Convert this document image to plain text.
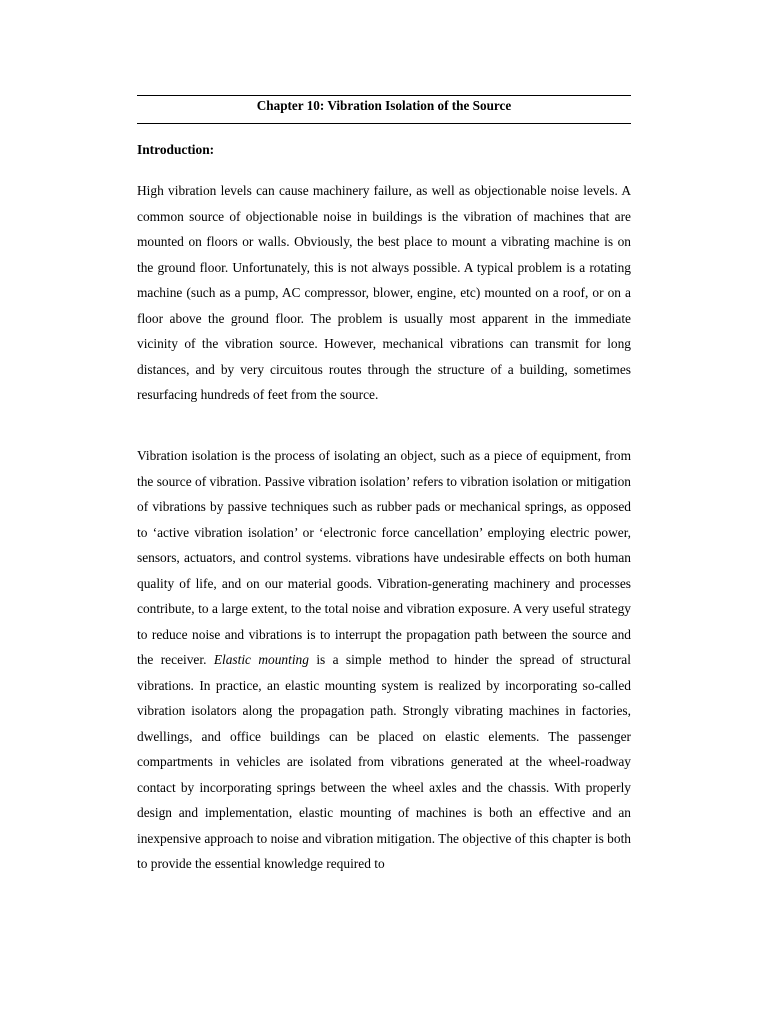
Chapter 10: Vibration Isolation of the Source
Introduction:

High vibration levels can cause machinery failure, as well as objectionable noise levels. A common source of objectionable noise in buildings is the vibration of machines that are mounted on floors or walls. Obviously, the best place to mount a vibrating machine is on the ground floor. Unfortunately, this is not always possible. A typical problem is a rotating machine (such as a pump, AC compressor, blower, engine, etc) mounted on a roof, or on a floor above the ground floor. The problem is usually most apparent in the immediate vicinity of the vibration source. However, mechanical vibrations can transmit for long distances, and by very circuitous routes through the structure of a building, sometimes resurfacing hundreds of feet from the source.

Vibration isolation is the process of isolating an object, such as a piece of equipment, from the source of vibration. Passive vibration isolation’ refers to vibration isolation or mitigation of vibrations by passive techniques such as rubber pads or mechanical springs, as opposed to ‘active vibration isolation’ or ‘electronic force cancellation’ employing electric power, sensors, actuators, and control systems. vibrations have undesirable effects on both human quality of life, and on our material goods. Vibration-generating machinery and processes contribute, to a large extent, to the total noise and vibration exposure. A very useful strategy to reduce noise and vibrations is to interrupt the propagation path between the source and the receiver. Elastic mounting is a simple method to hinder the spread of structural vibrations. In practice, an elastic mounting system is realized by incorporating so-called vibration isolators along the propagation path. Strongly vibrating machines in factories, dwellings, and office buildings can be placed on elastic elements. The passenger compartments in vehicles are isolated from vibrations generated at the wheel-roadway contact by incorporating springs between the wheel axles and the chassis. With properly design and implementation, elastic mounting of machines is both an effective and an inexpensive approach to noise and vibration mitigation. The objective of this chapter is both to provide the essential knowledge required to
